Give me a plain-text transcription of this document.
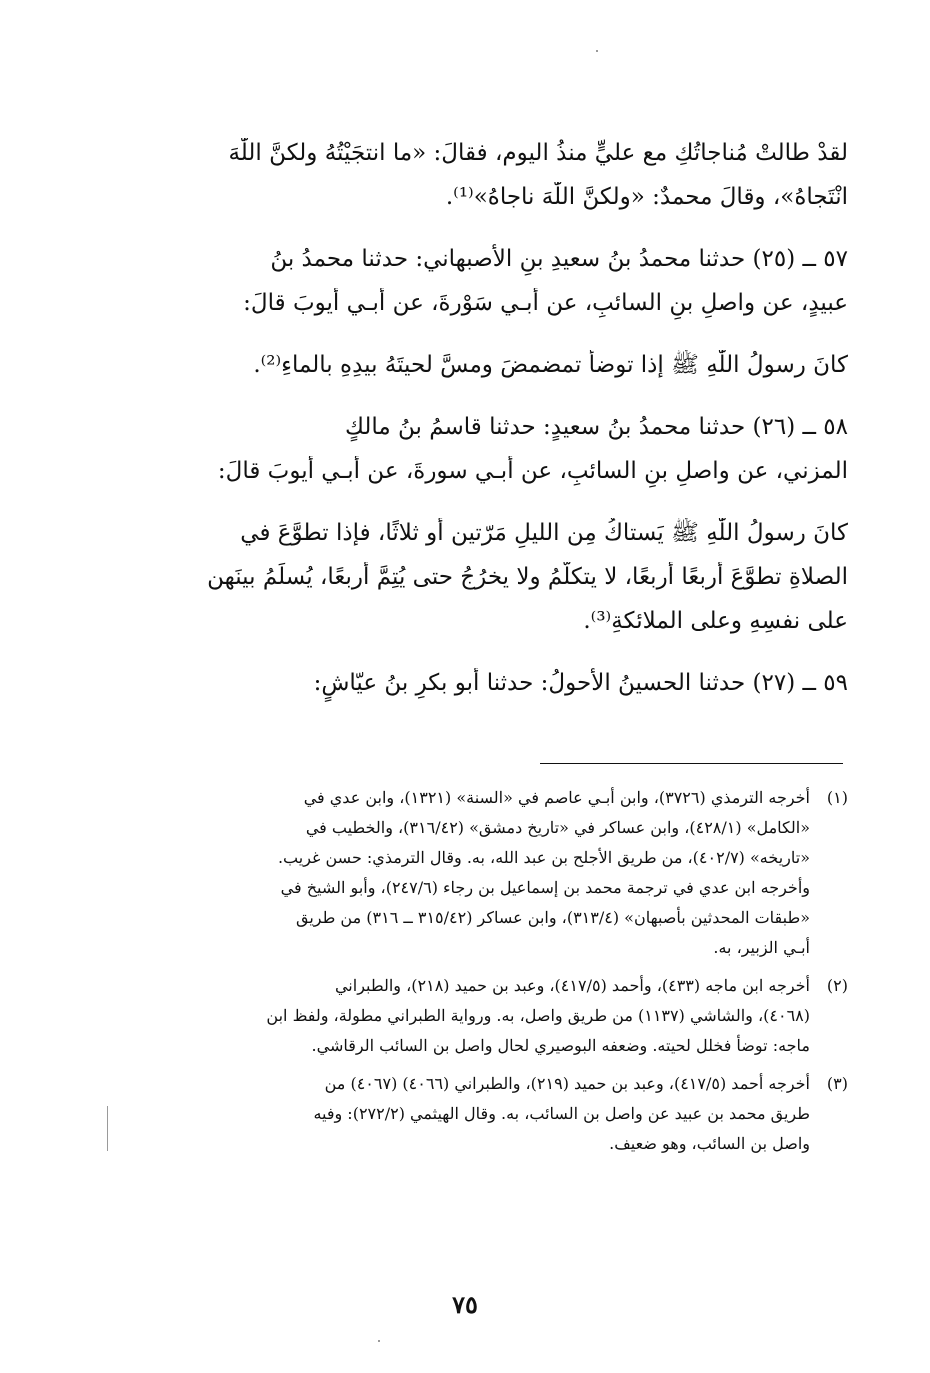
لقدْ طالتْ مُناجاتُكِ مع عليٍّ منذُ اليوم، فقالَ: «ما انتجَيْتُهُ ولكنَّ اللّٰهَ
انْتَجاهُ»، وقالَ محمدٌ: «ولكنَّ اللّٰهَ ناجاهُ»⁽¹⁾.
٥٧ ــ (٢٥) حدثنا محمدُ بنُ سعيدِ بنِ الأَصبهاني: حدثنا محمدُ بنُ
عبيدٍ، عن واصلِ بنِ السائبِ، عن أبـي سَوْرةَ، عن أبـي أيوبَ قالَ:
كانَ رسولُ اللّٰهِ ﷺ إذا توضأَ تمضمضَ ومسَّ لحيتَهُ بيدِهِ بالماءِ⁽²⁾.
٥٨ ــ (٢٦) حدثنا محمدُ بنُ سعيدٍ: حدثنا قاسمُ بنُ مالكٍ
المزني، عن واصلِ بنِ السائبِ، عن أبـي سورةَ، عن أبـي أيوبَ قالَ:
كانَ رسولُ اللّٰهِ ﷺ يَستاكُ مِن الليلِ مَرّتين أو ثلاثًا، فإذا تطوَّعَ في
الصلاةِ تطوَّعَ أربعًا أربعًا، لا يتكلَّمُ ولا يخرُجُ حتى يُتِمَّ أربعًا، يُسلِّمُ بينَهن
على نفسِهِ وعلى الملائكةِ⁽³⁾.
٥٩ ــ (٢٧) حدثنا الحسينُ الأحولُ: حدثنا أبو بكرِ بنُ عيّاشٍ:
(١)
أخرجه الترمذي (٣٧٢٦)، وابن أبـي عاصم في «السنة» (١٣٢١)، وابن عدي في
«الكامل» (٤٢٨/١)، وابن عساكر في «تاريخ دمشق» (٣١٦/٤٢)، والخطيب في
«تاريخه» (٤٠٢/٧)، من طريق الأجلح بن عبد الله، به. وقال الترمذي: حسن غريب.
وأخرجه ابن عدي في ترجمة محمد بن إسماعيل بن رجاء (٢٤٧/٦)، وأبو الشيخ في
«طبقات المحدثين بأصبهان» (٣١٣/٤)، وابن عساكر (٣١٥/٤٢ ــ ٣١٦) من طريق
أبـي الزبير، به.
(٢)
أخرجه ابن ماجه (٤٣٣)، وأحمد (٤١٧/٥)، وعبد بن حميد (٢١٨)، والطبراني
(٤٠٦٨)، والشاشي (١١٣٧) من طريق واصل، به. ورواية الطبراني مطولة، ولفظ ابن
ماجه: توضأ فخلل لحيته. وضعفه البوصيري لحال واصل بن السائب الرقاشي.
(٣)
أخرجه أحمد (٤١٧/٥)، وعبد بن حميد (٢١٩)، والطبراني (٤٠٦٦) (٤٠٦٧) من
طريق محمد بن عبيد عن واصل بن السائب، به. وقال الهيثمي (٢٧٢/٢): وفيه
واصل بن السائب، وهو ضعيف.
٧٥
